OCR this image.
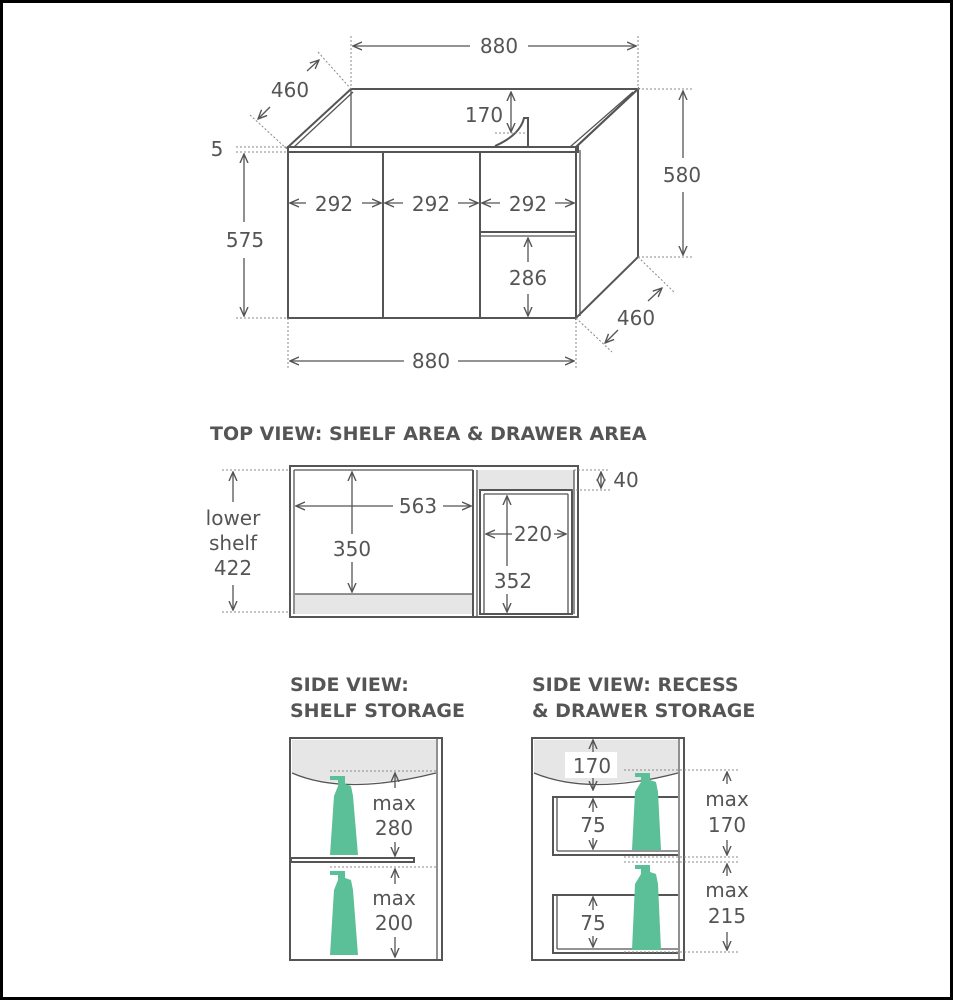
880
460
170
5
575
292	292	292
286
580
460
880
TOP VIEW: SHELF AREA & DRAWER AREA
lower
shelf
422
563
350
40
220
352
SIDE VIEW:
SHELF STORAGE
max
280
max
200
SIDE VIEW: RECESS
& DRAWER STORAGE
170
75
75
max
170
max
215
